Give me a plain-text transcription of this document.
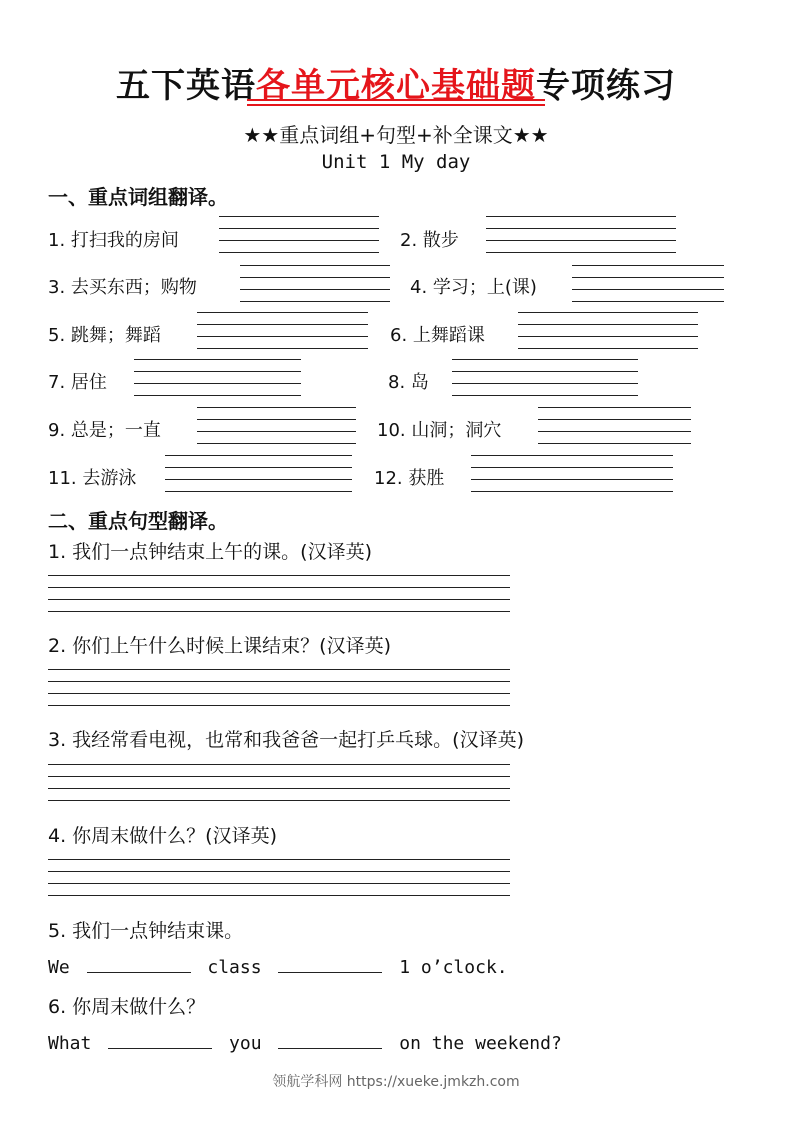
五下英语各单元核心基础题专项练习
★★重点词组+句型+补全课文★★
Unit 1 My day
一、重点词组翻译。
1. 打扫我的房间	2. 散步
3. 去买东西；购物	4. 学习；上(课)
5. 跳舞；舞蹈	6. 上舞蹈课
7. 居住	8. 岛
9. 总是；一直	10. 山洞；洞穴
11. 去游泳	12. 获胜
二、重点句型翻译。
1. 我们一点钟结束上午的课。(汉译英)
2. 你们上午什么时候上课结束？(汉译英)
3. 我经常看电视，也常和我爸爸一起打乒乓球。(汉译英)
4. 你周末做什么？(汉译英)
5. 我们一点钟结束课。
We	class	1 o’clock.
6. 你周末做什么？
What	you	on the weekend?
领航学科网 https://xueke.jmkzh.com
